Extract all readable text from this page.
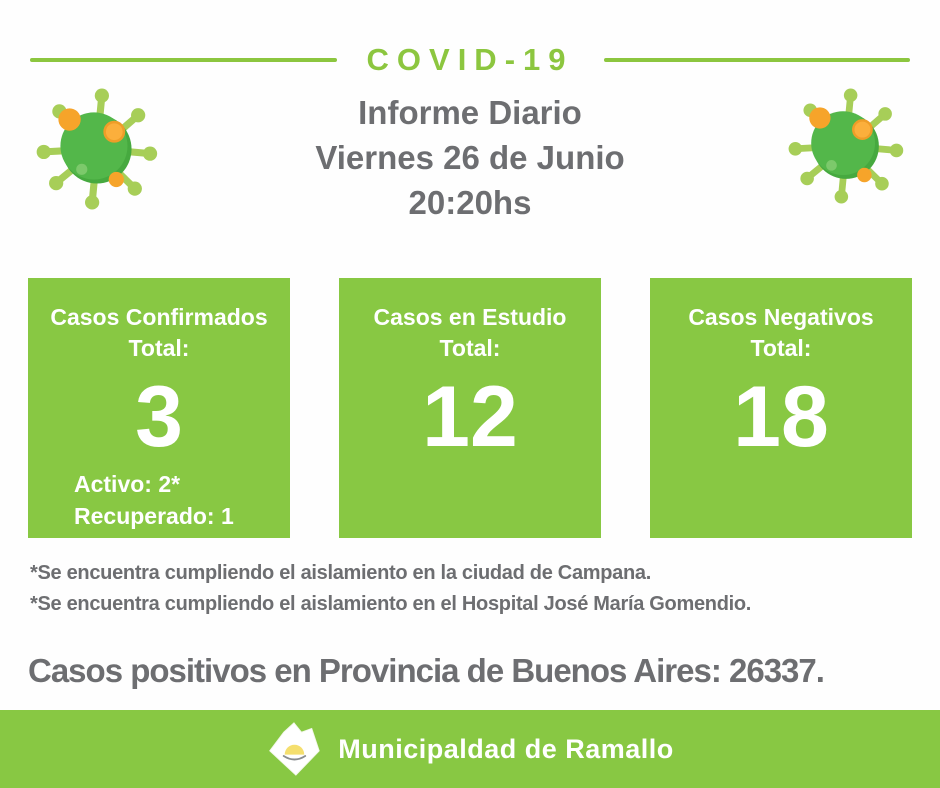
COVID-19
Informe Diario
Viernes 26 de Junio
20:20hs
Casos Confirmados
Total:
3
Activo: 2*
Recuperado: 1
Casos en Estudio
Total:
12
Casos Negativos
Total:
18
*Se encuentra cumpliendo el aislamiento en la ciudad de Campana.
*Se encuentra cumpliendo el aislamiento en el Hospital José María Gomendio.
Casos positivos en Provincia de Buenos Aires: 26337.
Municipaldad de Ramallo
